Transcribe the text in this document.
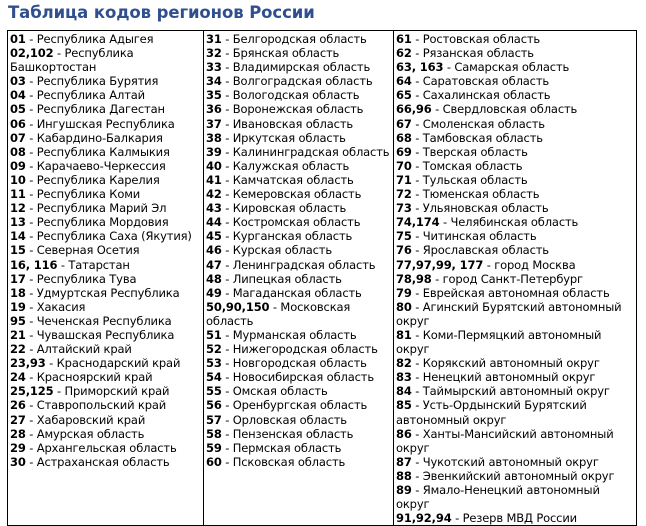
Таблица кодов регионов России
01 - Республика Адыгея
02,102 - Республика Башкортостан
03 - Республика Бурятия
04 - Республика Алтай
05 - Республика Дагестан
06 - Ингушская Республика
07 - Кабардино-Балкария
08 - Республика Калмыкия
09 - Карачаево-Черкессия
10 - Республика Карелия
11 - Республика Коми
12 - Республика Марий Эл
13 - Республика Мордовия
14 - Республика Саха (Якутия)
15 - Северная Осетия
16, 116 - Татарстан
17 - Республика Тува
18 - Удмуртская Республика
19 - Хакасия
95 - Чеченская Республика
21 - Чувашская Республика
22 - Алтайский край
23,93 - Краснодарский край
24 - Красноярский край
25,125 - Приморский край
26 - Ставропольский край
27 - Хабаровский край
28 - Амурская область
29 - Архангельская область
30 - Астраханская область

31 - Белгородская область
32 - Брянская область
33 - Владимирская область
34 - Волгоградская область
35 - Вологодская область
36 - Воронежская область
37 - Ивановская область
38 - Иркутская область
39 - Калининградская область
40 - Калужская область
41 - Камчатская область
42 - Кемеровская область
43 - Кировская область
44 - Костромская область
45 - Курганская область
46 - Курская область
47 - Ленинградская область
48 - Липецкая область
49 - Магаданская область
50,90,150 - Московская область
51 - Мурманская область
52 - Нижегородская область
53 - Новгородская область
54 - Новосибирская область
55 - Омская область
56 - Оренбургская область
57 - Орловская область
58 - Пензенская область
59 - Пермская область
60 - Псковская область

61 - Ростовская область
62 - Рязанская область
63, 163 - Самарская область
64 - Саратовская область
65 - Сахалинская область
66,96 - Свердловская область
67 - Смоленская область
68 - Тамбовская область
69 - Тверская область
70 - Томская область
71 - Тульская область
72 - Тюменская область
73 - Ульяновская область
74,174 - Челябинская область
75 - Читинская область
76 - Ярославская область
77,97,99, 177 - город Москва
78,98 - город Санкт-Петербург
79 - Еврейская автономная область
80 - Агинский Бурятский автономный округ
81 - Коми-Пермяцкий автономный округ
82 - Корякский автономный округ
83 - Ненецкий автономный округ
84 - Таймырский автономный округ
85 - Усть-Ордынский Бурятский автономный округ
86 - Ханты-Мансийский автономный округ
87 - Чукотский автономный округ
88 - Эвенкийский автономный округ
89 - Ямало-Ненецкий автономный округ
91,92,94 - Резерв МВД России
